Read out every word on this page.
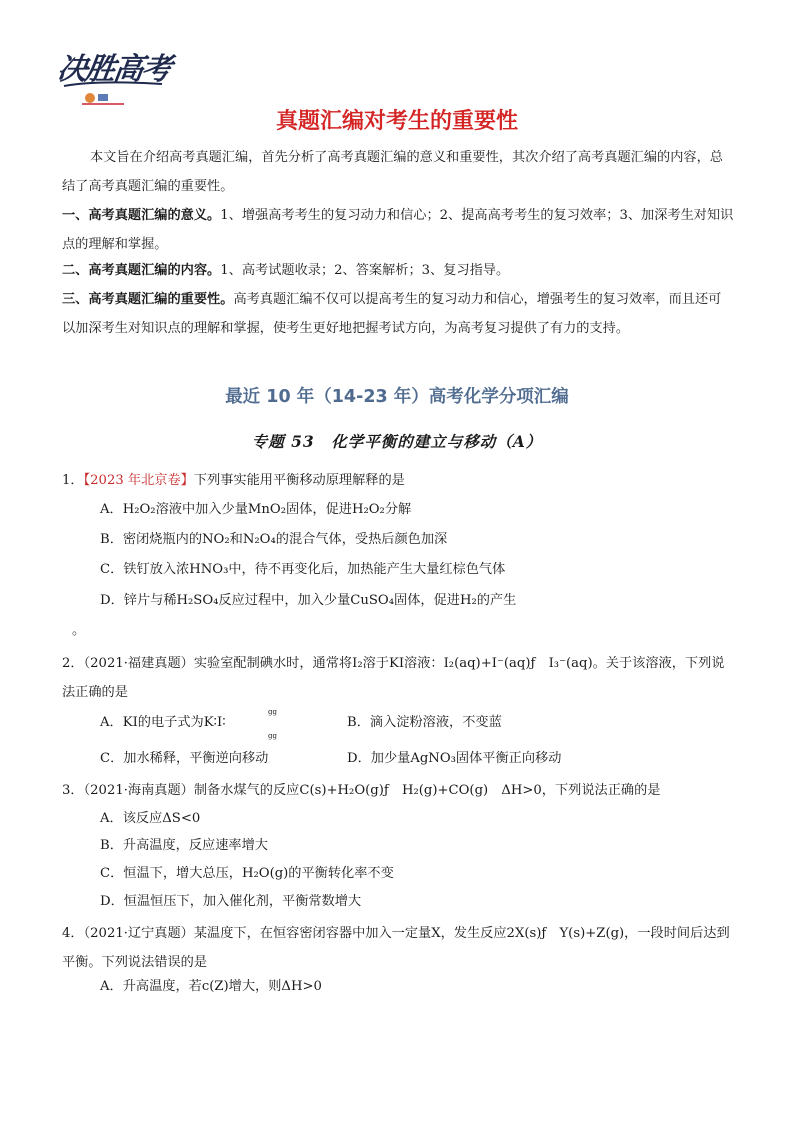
决胜高考
真题汇编对考生的重要性
本文旨在介绍高考真题汇编，首先分析了高考真题汇编的意义和重要性，其次介绍了高考真题汇编的内容，总结了高考真题汇编的重要性。
一、高考真题汇编的意义。1、增强高考考生的复习动力和信心；2、提高高考考生的复习效率；3、加深考生对知识点的理解和掌握。
二、高考真题汇编的内容。1、高考试题收录；2、答案解析；3、复习指导。
三、高考真题汇编的重要性。高考真题汇编不仅可以提高考生的复习动力和信心，增强考生的复习效率，而且还可以加深考生对知识点的理解和掌握，使考生更好地把握考试方向，为高考复习提供了有力的支持。
最近 10 年（14-23 年）高考化学分项汇编
专题 53　化学平衡的建立与移动（A）
1．【2023 年北京卷】下列事实能用平衡移动原理解释的是
A．H₂O₂溶液中加入少量MnO₂固体，促进H₂O₂分解
B．密闭烧瓶内的NO₂和N₂O₄的混合气体，受热后颜色加深
C．铁钉放入浓HNO₃中，待不再变化后，加热能产生大量红棕色气体
D．锌片与稀H₂SO₄反应过程中，加入少量CuSO₄固体，促进H₂的产生
。
2．（2021·福建真题）实验室配制碘水时，通常将I₂溶于KI溶液：I₂(aq)+I⁻(aq)ƒ　I₃⁻(aq)。关于该溶液，下列说法正确的是
A．KI的电子式为K∶I∶
gg
gg
B．滴入淀粉溶液，不变蓝
C．加水稀释，平衡逆向移动	D．加少量AgNO₃固体平衡正向移动
3．（2021·海南真题）制备水煤气的反应C(s)+H₂O(g)ƒ　H₂(g)+CO(g)　ΔH>0，下列说法正确的是
A．该反应ΔS<0
B．升高温度，反应速率增大
C．恒温下，增大总压，H₂O(g)的平衡转化率不变
D．恒温恒压下，加入催化剂，平衡常数增大
4．（2021·辽宁真题）某温度下，在恒容密闭容器中加入一定量X，发生反应2X(s)ƒ　Y(s)+Z(g)，一段时间后达到平衡。下列说法错误的是
A．升高温度，若c(Z)增大，则ΔH>0
